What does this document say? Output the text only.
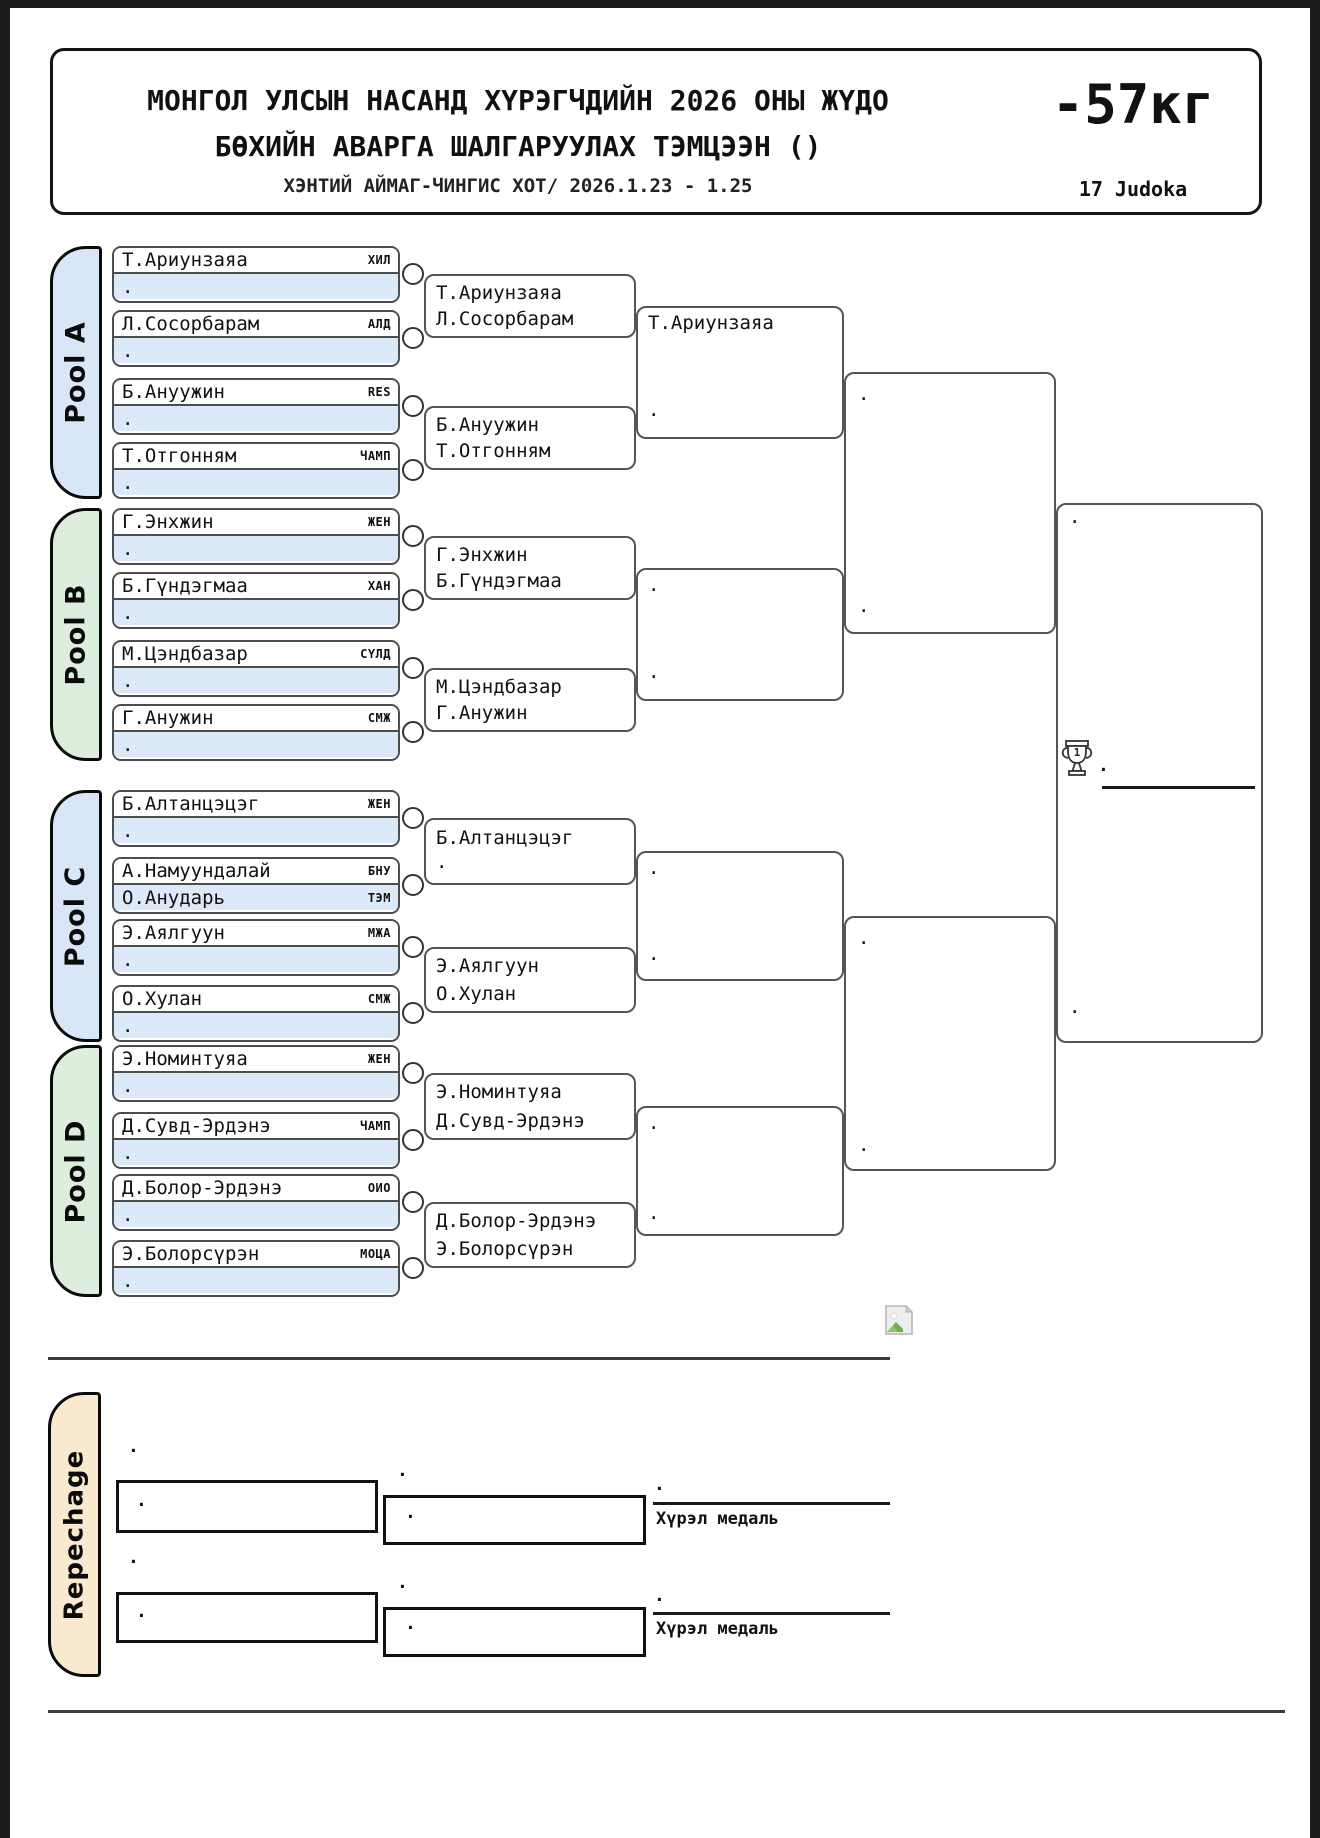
МОНГОЛ УЛСЫН НАСАНД ХҮРЭГЧДИЙН 2026 ОНЫ ЖҮДО
БӨХИЙН АВАРГА ШАЛГАРУУЛАХ ТЭМЦЭЭН ()
ХЭНТИЙ АЙМАГ-ЧИНГИС ХОТ/ 2026.1.23 - 1.25
-57кг
17 Judoka
Pool A
Pool B
Pool C
Pool D
Т.Ариунзаяа	ХИЛ
.
Л.Сосорбарам	АЛД
.
Б.Ануужин	RES
.
Т.Отгонням	ЧАМП
.
Г.Энхжин	ЖЕН
.
Б.Гүндэгмаа	ХАН
.
М.Цэндбазар	СҮЛД
.
Г.Анужин	СМЖ
.
Б.Алтанцэцэг	ЖЕН
.
А.Намуундалай	БНУ
О.Анударь	ТЭМ
Э.Аялгуун	МЖА
.
О.Хулан	СМЖ
.
Э.Номинтуяа	ЖЕН
.
Д.Сувд-Эрдэнэ	ЧАМП
.
Д.Болор-Эрдэнэ	ОИО
.
Э.Болорсүрэн	МОЦА
.
Т.Ариунзаяа
Л.Сосорбарам
Б.Ануужин
Т.Отгонням
Г.Энхжин
Б.Гүндэгмаа
М.Цэндбазар
Г.Анужин
Б.Алтанцэцэг
.
Э.Аялгуун
О.Хулан
Э.Номинтуяа
Д.Сувд-Эрдэнэ
Д.Болор-Эрдэнэ
Э.Болорсүрэн
Т.Ариунзаяа
.
.
.
.
.
.
.
.
.
.
.
.
.
1
.
Repechage
.
.
.
.
.
.
.
.
.
.
Хүрэл медаль
Хүрэл медаль
